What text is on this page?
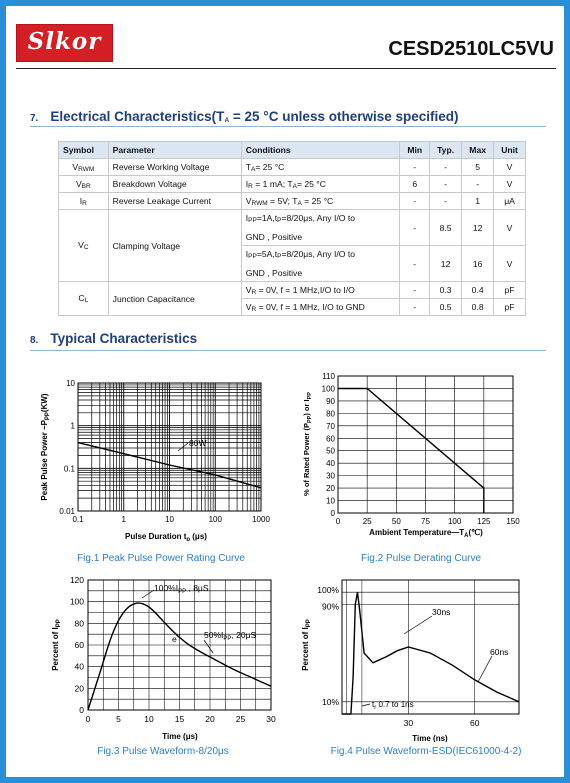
Slkor	CESD2510LC5VU
7. Electrical $Characteristics(T_A = 25$ °C unless otherwise specified)
Symbol	Parameter	Conditions	Min	Typ.	Max	Unit
$V_{RWM}$	Reverse Working Voltage	$T_A= 25$ °C	-	-	5	V
$V_{BR}$	Breakdown Voltage	$I_R = 1$ mA; $T_A= 25$ °C	6	-	-	V
$I_R$	Reverse Leakage Current	$V_{RWM} = 5V$; $T_A = 25$ °C	-	-	1	μA
$V_C$	Clamping Voltage	$I_{PP}=1A,t_P=8/20\mu s$, Any I/O to
GND , Positive	-	8.5	12	V
		$I_{PP}=5A,t_P=8/20\mu s$, Any I/O to
GND , Positive	-	12	16	V
$C_L$	Junction Capacitance	$V_R = 0V$, f = 1 MHz,I/O to I/O	-	0.3	0.4	pF
		$V_R = 0V$, f = 1 MHz, I/O to GND	-	0.5	0.8	pF
8. Typical Characteristics
0.1	1	10	100	1000
10
1
0.1
0.01
80W
Pulse Duration $t_p$ (μs)
Peak Pulse Power $-P_{PP}(KW)$
Fig.1 Peak Pulse Power Rating Curve
0	25	50	75 100 125 150
0
10
20
30
40
50
60
70
80
90
100
110
Ambient $Temperature—T_A(℃)$
% of Rated Power $(P_{PP})$ or $I_{PP}$
Fig.2 Pulse Derating Curve
0	5	10 15 20 25 30
0
20
40
60
80
100
120
$100\%I_{PP}$ , 8μS
$50\%I_{PP}$, 20μS
$e^{-t}$
Time (μs)
Percent of $I_{PP}$
Fig.3 Pulse Waveform-8/20μs
30	60
10%
90%
100%
30ns
60ns
$t_r$ 0.7 to 1ns
Time (ns)
Percent of $I_{PP}$
Fig.4 Pulse Waveform-ESD(IEC61000-4-2)
